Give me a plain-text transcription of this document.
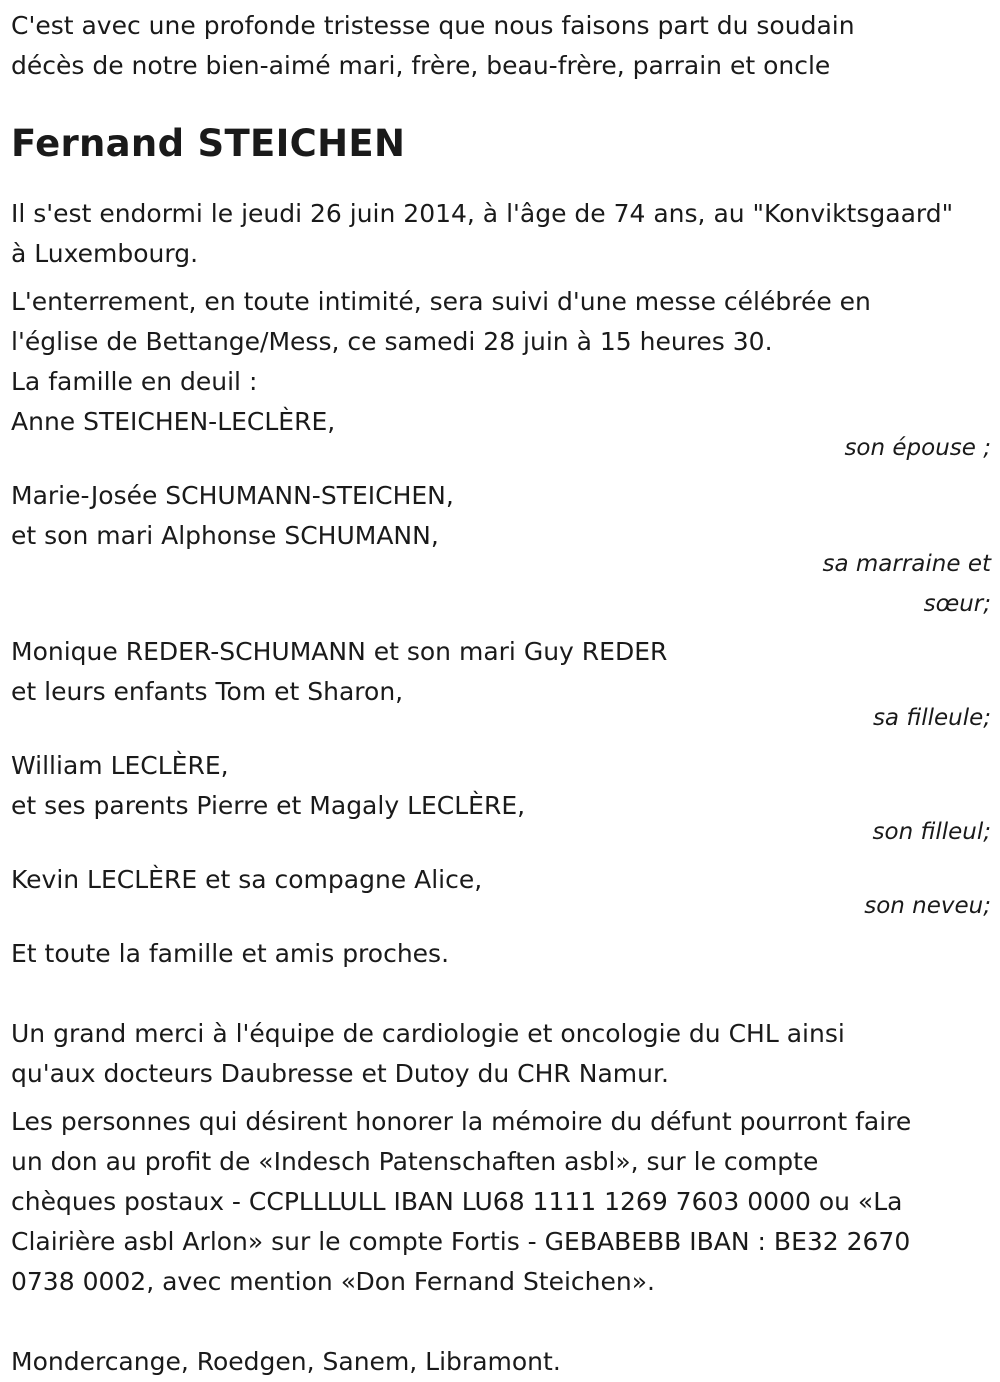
C'est avec une profonde tristesse que nous faisons part du soudain

décès de notre bien-aimé mari, frère, beau-frère, parrain et oncle

Fernand STEICHEN

Il s'est endormi le jeudi 26 juin 2014, à l'âge de 74 ans, au "Konviktsgaard"

à Luxembourg.

L'enterrement, en toute intimité, sera suivi d'une messe célébrée en

l'église de Bettange/Mess, ce samedi 28 juin à 15 heures 30.

La famille en deuil :

Anne STEICHEN-LECLÈRE,

son épouse ;

Marie-Josée SCHUMANN-STEICHEN,

et son mari Alphonse SCHUMANN,

sa marraine et

sœur;

Monique REDER-SCHUMANN et son mari Guy REDER

et leurs enfants Tom et Sharon,

sa filleule;

William LECLÈRE,

et ses parents Pierre et Magaly LECLÈRE,

son filleul;

Kevin LECLÈRE et sa compagne Alice,

son neveu;

Et toute la famille et amis proches.

Un grand merci à l'équipe de cardiologie et oncologie du CHL ainsi

qu'aux docteurs Daubresse et Dutoy du CHR Namur.

Les personnes qui désirent honorer la mémoire du défunt pourront faire

un don au profit de «Indesch Patenschaften asbl», sur le compte

chèques postaux - CCPLLLULL IBAN LU68 1111 1269 7603 0000 ou «La

Clairière asbl Arlon» sur le compte Fortis - GEBABEBB IBAN : BE32 2670

0738 0002, avec mention «Don Fernand Steichen».

Mondercange, Roedgen, Sanem, Libramont.
